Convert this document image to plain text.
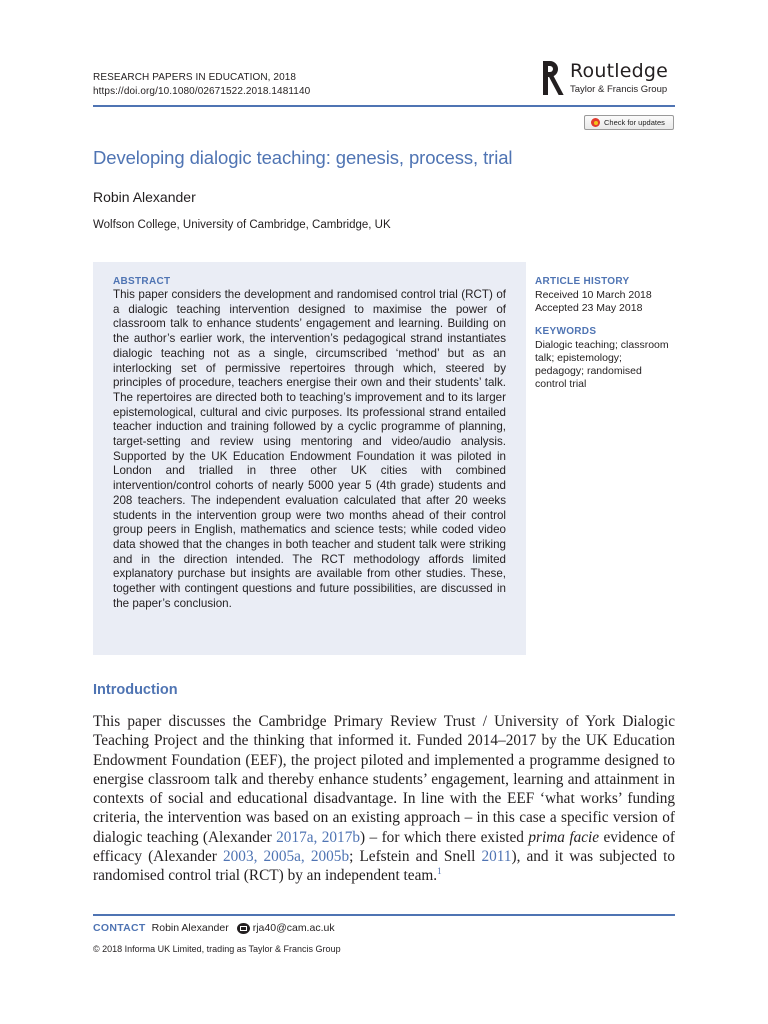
RESEARCH PAPERS IN EDUCATION, 2018
https://doi.org/10.1080/02671522.2018.1481140
Routledge
Taylor & Francis Group
Check for updates
Developing dialogic teaching: genesis, process, trial
Robin Alexander
Wolfson College, University of Cambridge, Cambridge, UK
ABSTRACT
This paper considers the development and randomised control trial (RCT) of a dialogic teaching intervention designed to maximise the power of classroom talk to enhance students’ engagement and learning. Building on the author’s earlier work, the intervention’s pedagogical strand instantiates dialogic teaching not as a single, circumscribed ‘method’ but as an interlocking set of permissive repertoires through which, steered by principles of procedure, teachers energise their own and their students’ talk. The repertoires are directed both to teaching’s improvement and to its larger epistemological, cultural and civic purposes. Its professional strand entailed teacher induction and training followed by a cyclic programme of planning, target-setting and review using mentoring and video/audio analysis. Supported by the UK Education Endowment Foundation it was piloted in London and trialled in three other UK cities with combined intervention/control cohorts of nearly 5000 year 5 (4th grade) students and 208 teachers. The independent evaluation calculated that after 20 weeks students in the intervention group were two months ahead of their control group peers in English, mathematics and science tests; while coded video data showed that the changes in both teacher and student talk were striking and in the direction intended. The RCT methodology affords limited explanatory purchase but insights are available from other studies. These, together with contingent questions and future possibilities, are discussed in the paper’s conclusion.
ARTICLE HISTORY
Received 10 March 2018
Accepted 23 May 2018
KEYWORDS
Dialogic teaching; classroom
talk; epistemology;
pedagogy; randomised
control trial
Introduction
This paper discusses the Cambridge Primary Review Trust / University of York Dialogic Teaching Project and the thinking that informed it. Funded 2014–2017 by the UK Education Endowment Foundation (EEF), the project piloted and implemented a programme designed to energise classroom talk and thereby enhance students’ engagement, learning and attainment in contexts of social and educational disadvantage. In line with the EEF ‘what works’ funding criteria, the intervention was based on an existing approach – in this case a specific version of dialogic teaching (Alexander 2017a, 2017b) – for which there existed prima facie evidence of efficacy (Alexander 2003, 2005a, 2005b; Lefstein and Snell 2011), and it was subjected to randomised control trial (RCT) by an independent team.$^1$
CONTACT Robin Alexander rja40@cam.ac.uk
© 2018 Informa UK Limited, trading as Taylor & Francis Group
